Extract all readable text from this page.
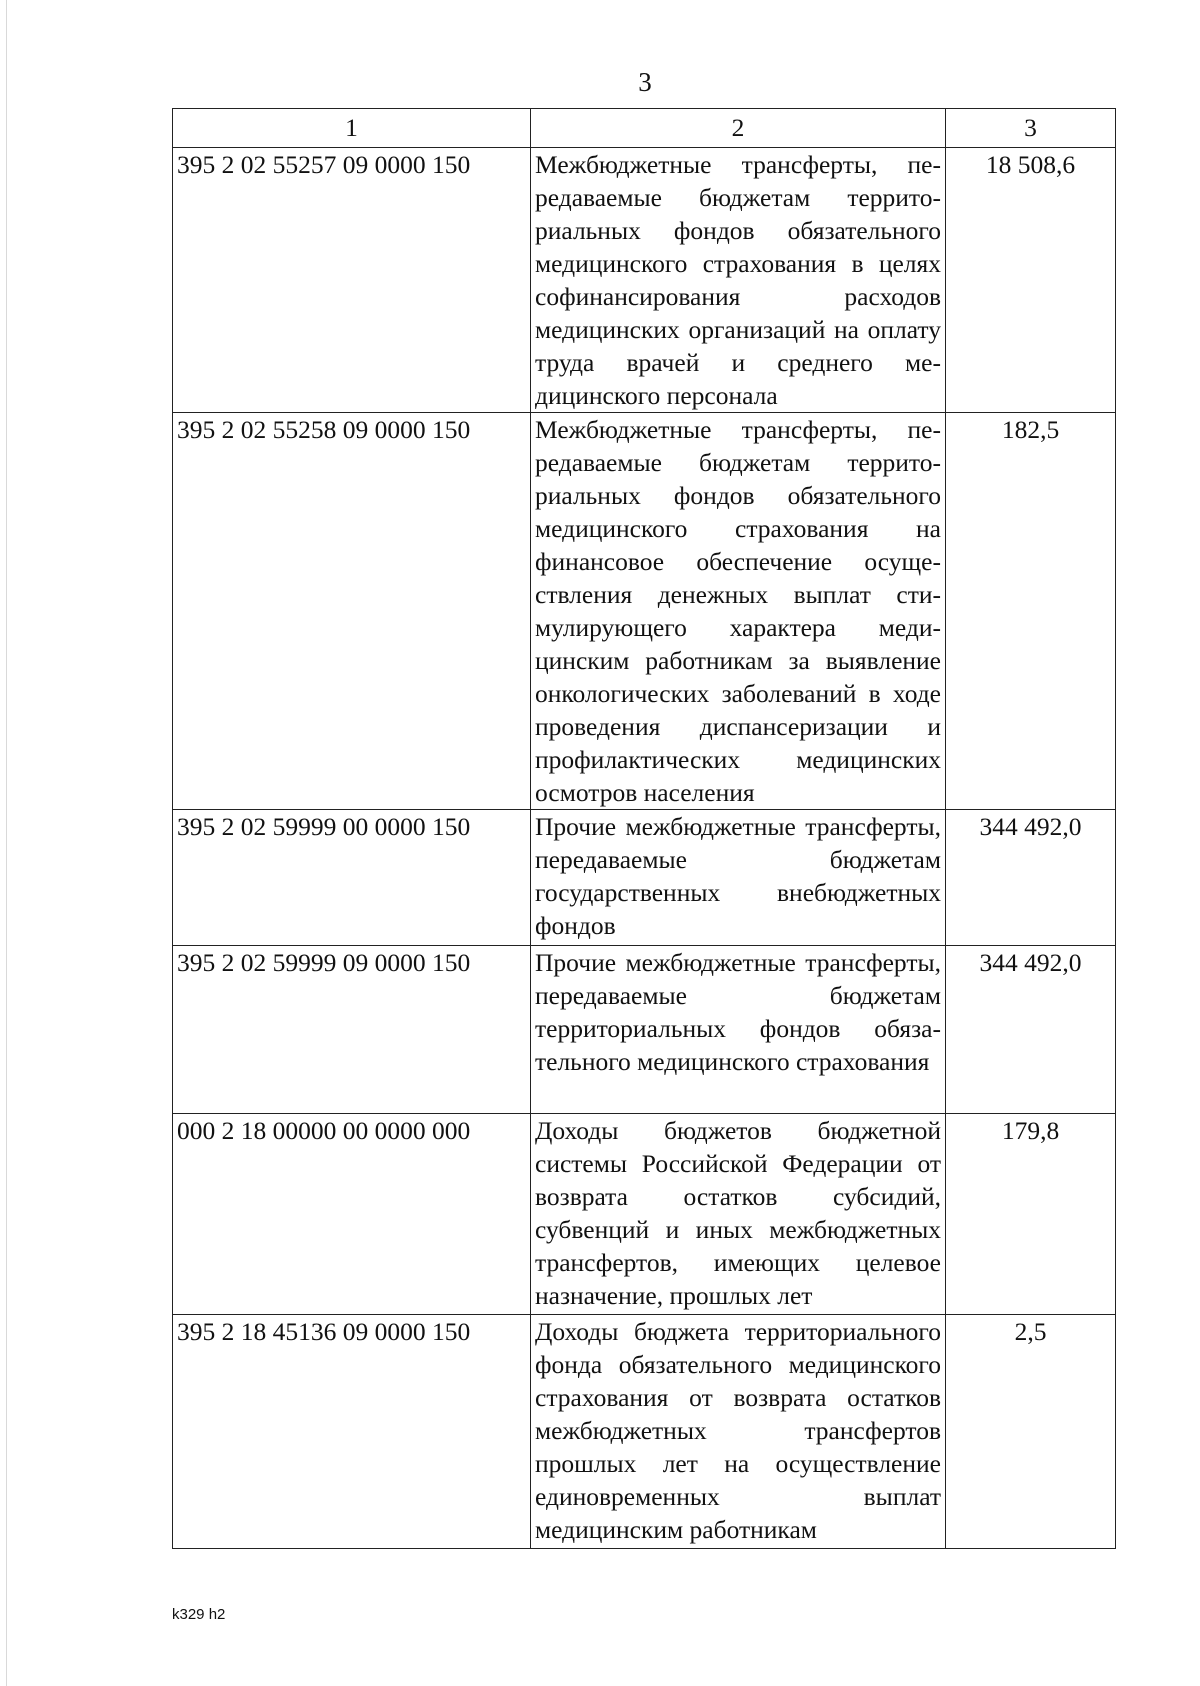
3
1	2	3
395 2 02 55257 09 0000 150	Межбюджетные трансферты, передаваемые бюджетам территориальных фондов обязательного медицинского страхования в целях софинансирования расходов медицинских организаций на оплату труда врачей и среднего медицинского персонала	18 508,6
395 2 02 55258 09 0000 150	Межбюджетные трансферты, передаваемые бюджетам территориальных фондов обязательного медицинского страхования на финансовое обеспечение осуществления денежных выплат стимулирующего характера медицинским работникам за выявление онкологических заболеваний в ходе проведения диспансеризации и профилактических медицинских осмотров населения	182,5
395 2 02 59999 00 0000 150	Прочие межбюджетные трансферты, передаваемые бюджетам государственных внебюджетных фондов	344 492,0
395 2 02 59999 09 0000 150	Прочие межбюджетные трансферты, передаваемые бюджетам территориальных фондов обязательного медицинского страхования	344 492,0
000 2 18 00000 00 0000 000	Доходы бюджетов бюджетной системы Российской Федерации от возврата остатков субсидий, субвенций и иных межбюджетных трансфертов, имеющих целевое назначение, прошлых лет	179,8
395 2 18 45136 09 0000 150	Доходы бюджета территориального фонда обязательного медицинского страхования от возврата остатков межбюджетных трансфертов прошлых лет на осуществление единовременных выплат медицинским работникам	2,5
k329 h2
